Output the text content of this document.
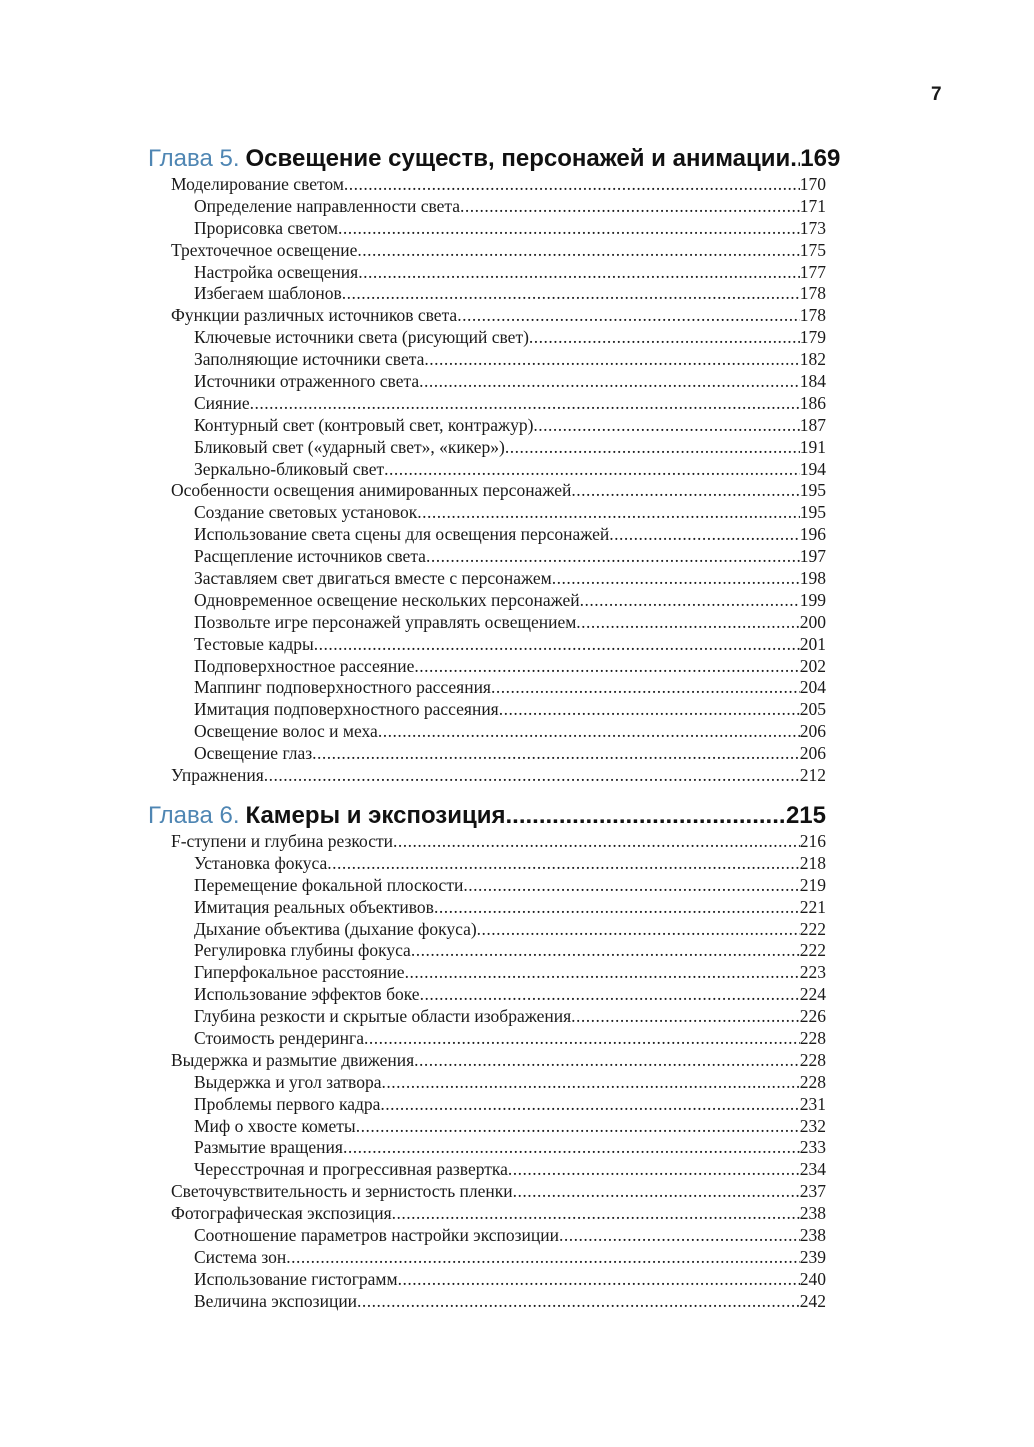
7
Глава 5. Освещение существ, персонажей и анимации ..... 169
Моделирование светом .....	170
Определение направленности света .....	171
Прорисовка светом .....	173
Трехточечное освещение .....	175
Настройка освещения .....	177
Избегаем шаблонов .....	178
Функции различных источников света .....	178
Ключевые источники света (рисующий свет) .....	179
Заполняющие источники света .....	182
Источники отраженного света .....	184
Сияние .....	186
Контурный свет (контровый свет, контражур) .....	187
Бликовый свет («ударный свет», «кикер») .....	191
Зеркально-бликовый свет .....	194
Особенности освещения анимированных персонажей .....	195
Создание световых установок .....	195
Использование света сцены для освещения персонажей .....	196
Расщепление источников света .....	197
Заставляем свет двигаться вместе с персонажем .....	198
Одновременное освещение нескольких персонажей .....	199
Позвольте игре персонажей управлять освещением .....	200
Тестовые кадры .....	201
Подповерхностное рассеяние .....	202
Маппинг подповерхностного рассеяния .....	204
Имитация подповерхностного рассеяния .....	205
Освещение волос и меха .....	206
Освещение глаз .....	206
Упражнения .....	212
Глава 6. Камеры и экспозиция .....	215
F-ступени и глубина резкости .....	216
Установка фокуса .....	218
Перемещение фокальной плоскости .....	219
Имитация реальных объективов .....	221
Дыхание объектива (дыхание фокуса) .....	222
Регулировка глубины фокуса .....	222
Гиперфокальное расстояние .....	223
Использование эффектов боке .....	224
Глубина резкости и скрытые области изображения .....	226
Стоимость рендеринга .....	228
Выдержка и размытие движения .....	228
Выдержка и угол затвора .....	228
Проблемы первого кадра .....	231
Миф о хвосте кометы .....	232
Размытие вращения .....	233
Чересстрочная и прогрессивная развертка .....	234
Светочувствительность и зернистость пленки .....	237
Фотографическая экспозиция .....	238
Соотношение параметров настройки экспозиции .....	238
Система зон .....	239
Использование гистограмм .....	240
Величина экспозиции .....	242
